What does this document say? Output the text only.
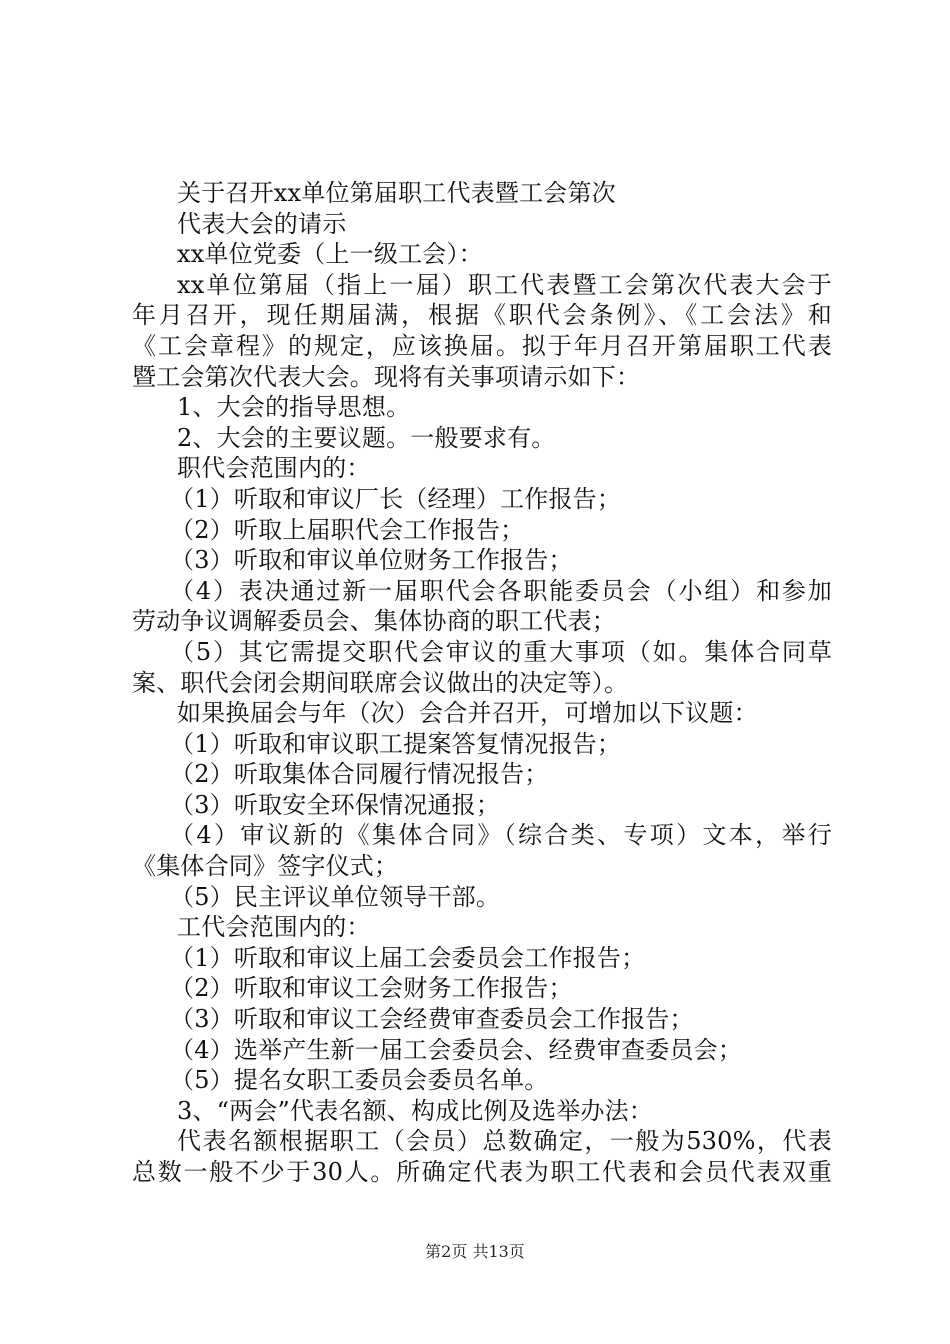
关于召开xx单位第届职工代表暨工会第次
代表大会的请示
xx单位党委（上一级工会）：
xx单位第届（指上一届）职工代表暨工会第次代表大会于
年月召开，现任期届满，根据《职代会条例》、《工会法》和
《工会章程》的规定，应该换届。拟于年月召开第届职工代表
暨工会第次代表大会。现将有关事项请示如下：
1、大会的指导思想。
2、大会的主要议题。一般要求有。
职代会范围内的：
（1）听取和审议厂长（经理）工作报告；
（2）听取上届职代会工作报告；
（3）听取和审议单位财务工作报告；
（4）表决通过新一届职代会各职能委员会（小组）和参加
劳动争议调解委员会、集体协商的职工代表；
（5）其它需提交职代会审议的重大事项（如。集体合同草
案、职代会闭会期间联席会议做出的决定等）。
如果换届会与年（次）会合并召开，可增加以下议题：
（1）听取和审议职工提案答复情况报告；
（2）听取集体合同履行情况报告；
（3）听取安全环保情况通报；
（4）审议新的《集体合同》（综合类、专项）文本，举行
《集体合同》签字仪式；
（5）民主评议单位领导干部。
工代会范围内的：
（1）听取和审议上届工会委员会工作报告；
（2）听取和审议工会财务工作报告；
（3）听取和审议工会经费审查委员会工作报告；
（4）选举产生新一届工会委员会、经费审查委员会；
（5）提名女职工委员会委员名单。
3、“两会”代表名额、构成比例及选举办法：
代表名额根据职工（会员）总数确定，一般为530%，代表
总数一般不少于30人。所确定代表为职工代表和会员代表双重
第2页 共13页
